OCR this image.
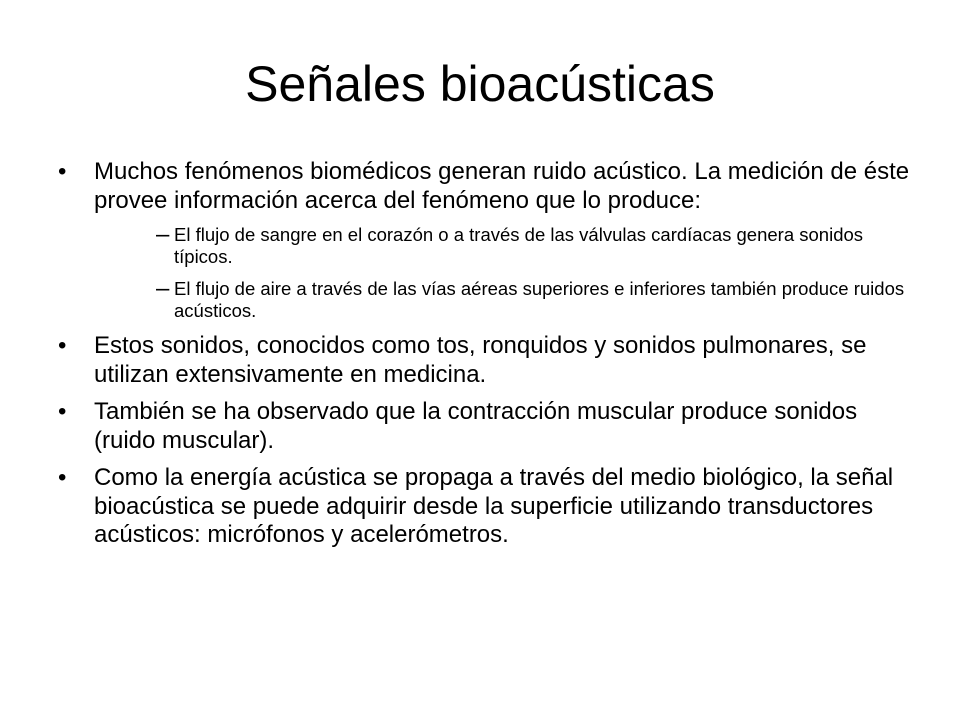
Señales bioacústicas
•	Muchos fenómenos biomédicos generan ruido acústico. La medición de éste provee información acerca del fenómeno que lo produce:
– El flujo de sangre en el corazón o a través de las válvulas cardíacas genera sonidos típicos.
– El flujo de aire a través de las vías aéreas superiores e inferiores también produce ruidos acústicos.
•	Estos sonidos, conocidos como tos, ronquidos y sonidos pulmonares, se utilizan extensivamente en medicina.
•	También se ha observado que la contracción muscular produce sonidos (ruido muscular).
•	Como la energía acústica se propaga a través del medio biológico, la señal bioacústica se puede adquirir desde la superficie utilizando transductores acústicos: micrófonos y acelerómetros.
